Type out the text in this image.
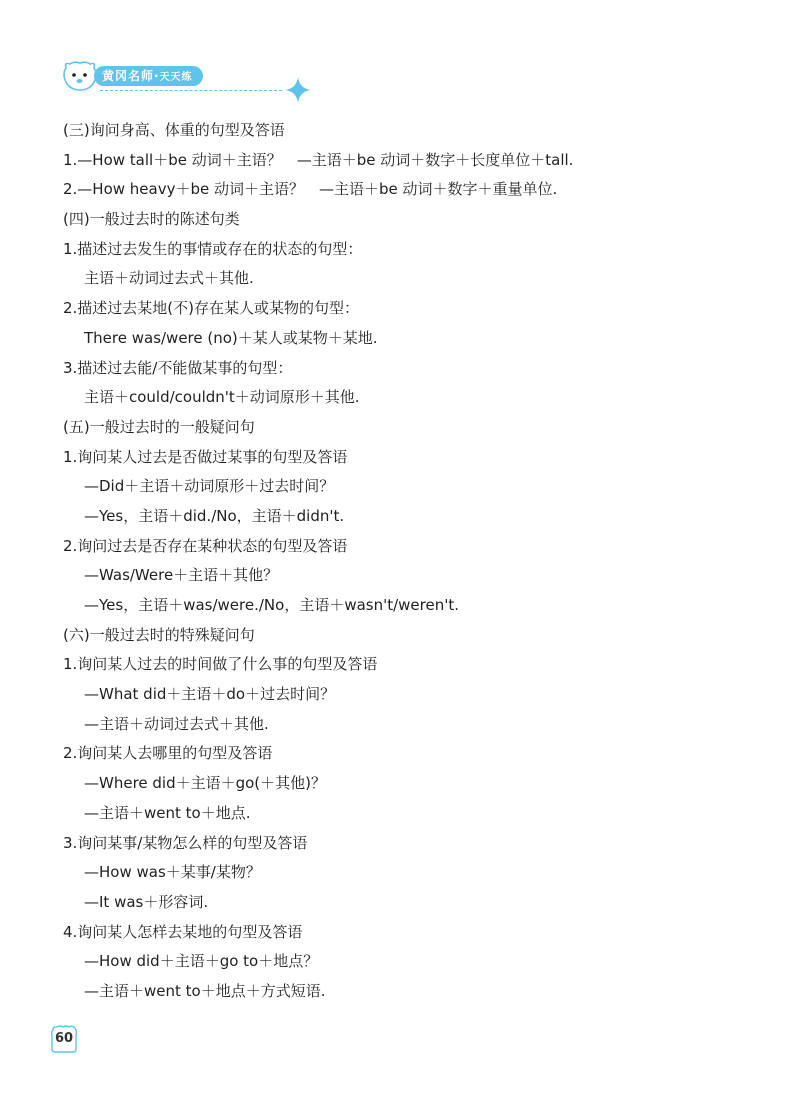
黄冈名师·天天练
(三)询问身高、体重的句型及答语
1.—How tall＋be 动词＋主语？　—主语＋be 动词＋数字＋长度单位＋tall.
2.—How heavy＋be 动词＋主语？　—主语＋be 动词＋数字＋重量单位.
(四)一般过去时的陈述句类
1.描述过去发生的事情或存在的状态的句型：
主语＋动词过去式＋其他.
2.描述过去某地(不)存在某人或某物的句型：
There was/were (no)＋某人或某物＋某地.
3.描述过去能/不能做某事的句型：
主语＋could/couldn't＋动词原形＋其他.
(五)一般过去时的一般疑问句
1.询问某人过去是否做过某事的句型及答语
—Did＋主语＋动词原形＋过去时间？
—Yes，主语＋did./No，主语＋didn't.
2.询问过去是否存在某种状态的句型及答语
—Was/Were＋主语＋其他？
—Yes，主语＋was/were./No，主语＋wasn't/weren't.
(六)一般过去时的特殊疑问句
1.询问某人过去的时间做了什么事的句型及答语
—What did＋主语＋do＋过去时间？
—主语＋动词过去式＋其他.
2.询问某人去哪里的句型及答语
—Where did＋主语＋go(＋其他)？
—主语＋went to＋地点.
3.询问某事/某物怎么样的句型及答语
—How was＋某事/某物？
—It was＋形容词.
4.询问某人怎样去某地的句型及答语
—How did＋主语＋go to＋地点？
—主语＋went to＋地点＋方式短语.
60
